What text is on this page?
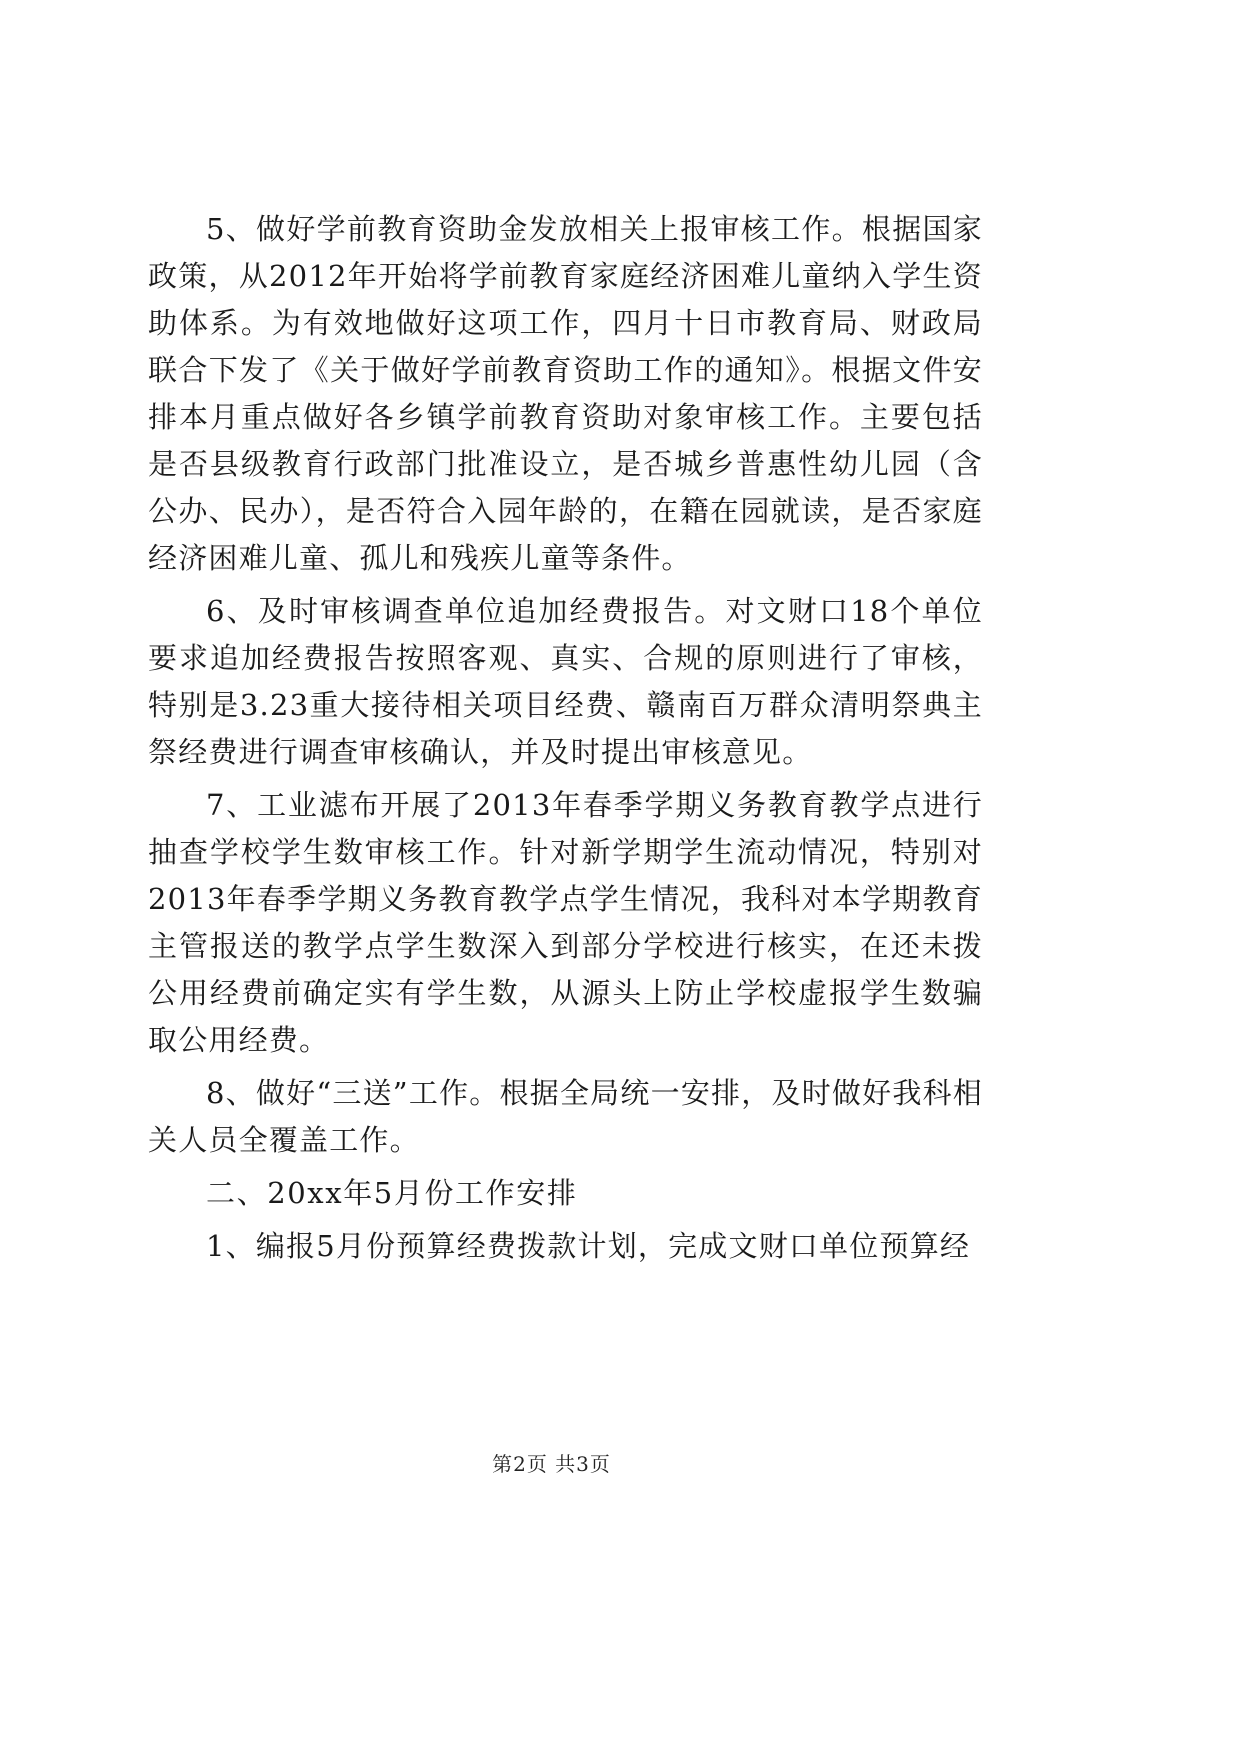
5、做好学前教育资助金发放相关上报审核工作。根据国家政策，从2012年开始将学前教育家庭经济困难儿童纳入学生资助体系。为有效地做好这项工作，四月十日市教育局、财政局联合下发了《关于做好学前教育资助工作的通知》。根据文件安排本月重点做好各乡镇学前教育资助对象审核工作。主要包括是否县级教育行政部门批准设立，是否城乡普惠性幼儿园（含公办、民办），是否符合入园年龄的，在籍在园就读，是否家庭经济困难儿童、孤儿和残疾儿童等条件。

6、及时审核调查单位追加经费报告。对文财口18个单位要求追加经费报告按照客观、真实、合规的原则进行了审核，特别是3.23重大接待相关项目经费、赣南百万群众清明祭典主祭经费进行调查审核确认，并及时提出审核意见。

7、工业滤布开展了2013年春季学期义务教育教学点进行抽查学校学生数审核工作。针对新学期学生流动情况，特别对2013年春季学期义务教育教学点学生情况，我科对本学期教育主管报送的教学点学生数深入到部分学校进行核实，在还未拨公用经费前确定实有学生数，从源头上防止学校虚报学生数骗取公用经费。

8、做好“三送”工作。根据全局统一安排，及时做好我科相关人员全覆盖工作。

二、20xx年5月份工作安排

1、编报5月份预算经费拨款计划，完成文财口单位预算经

第2页 共3页
